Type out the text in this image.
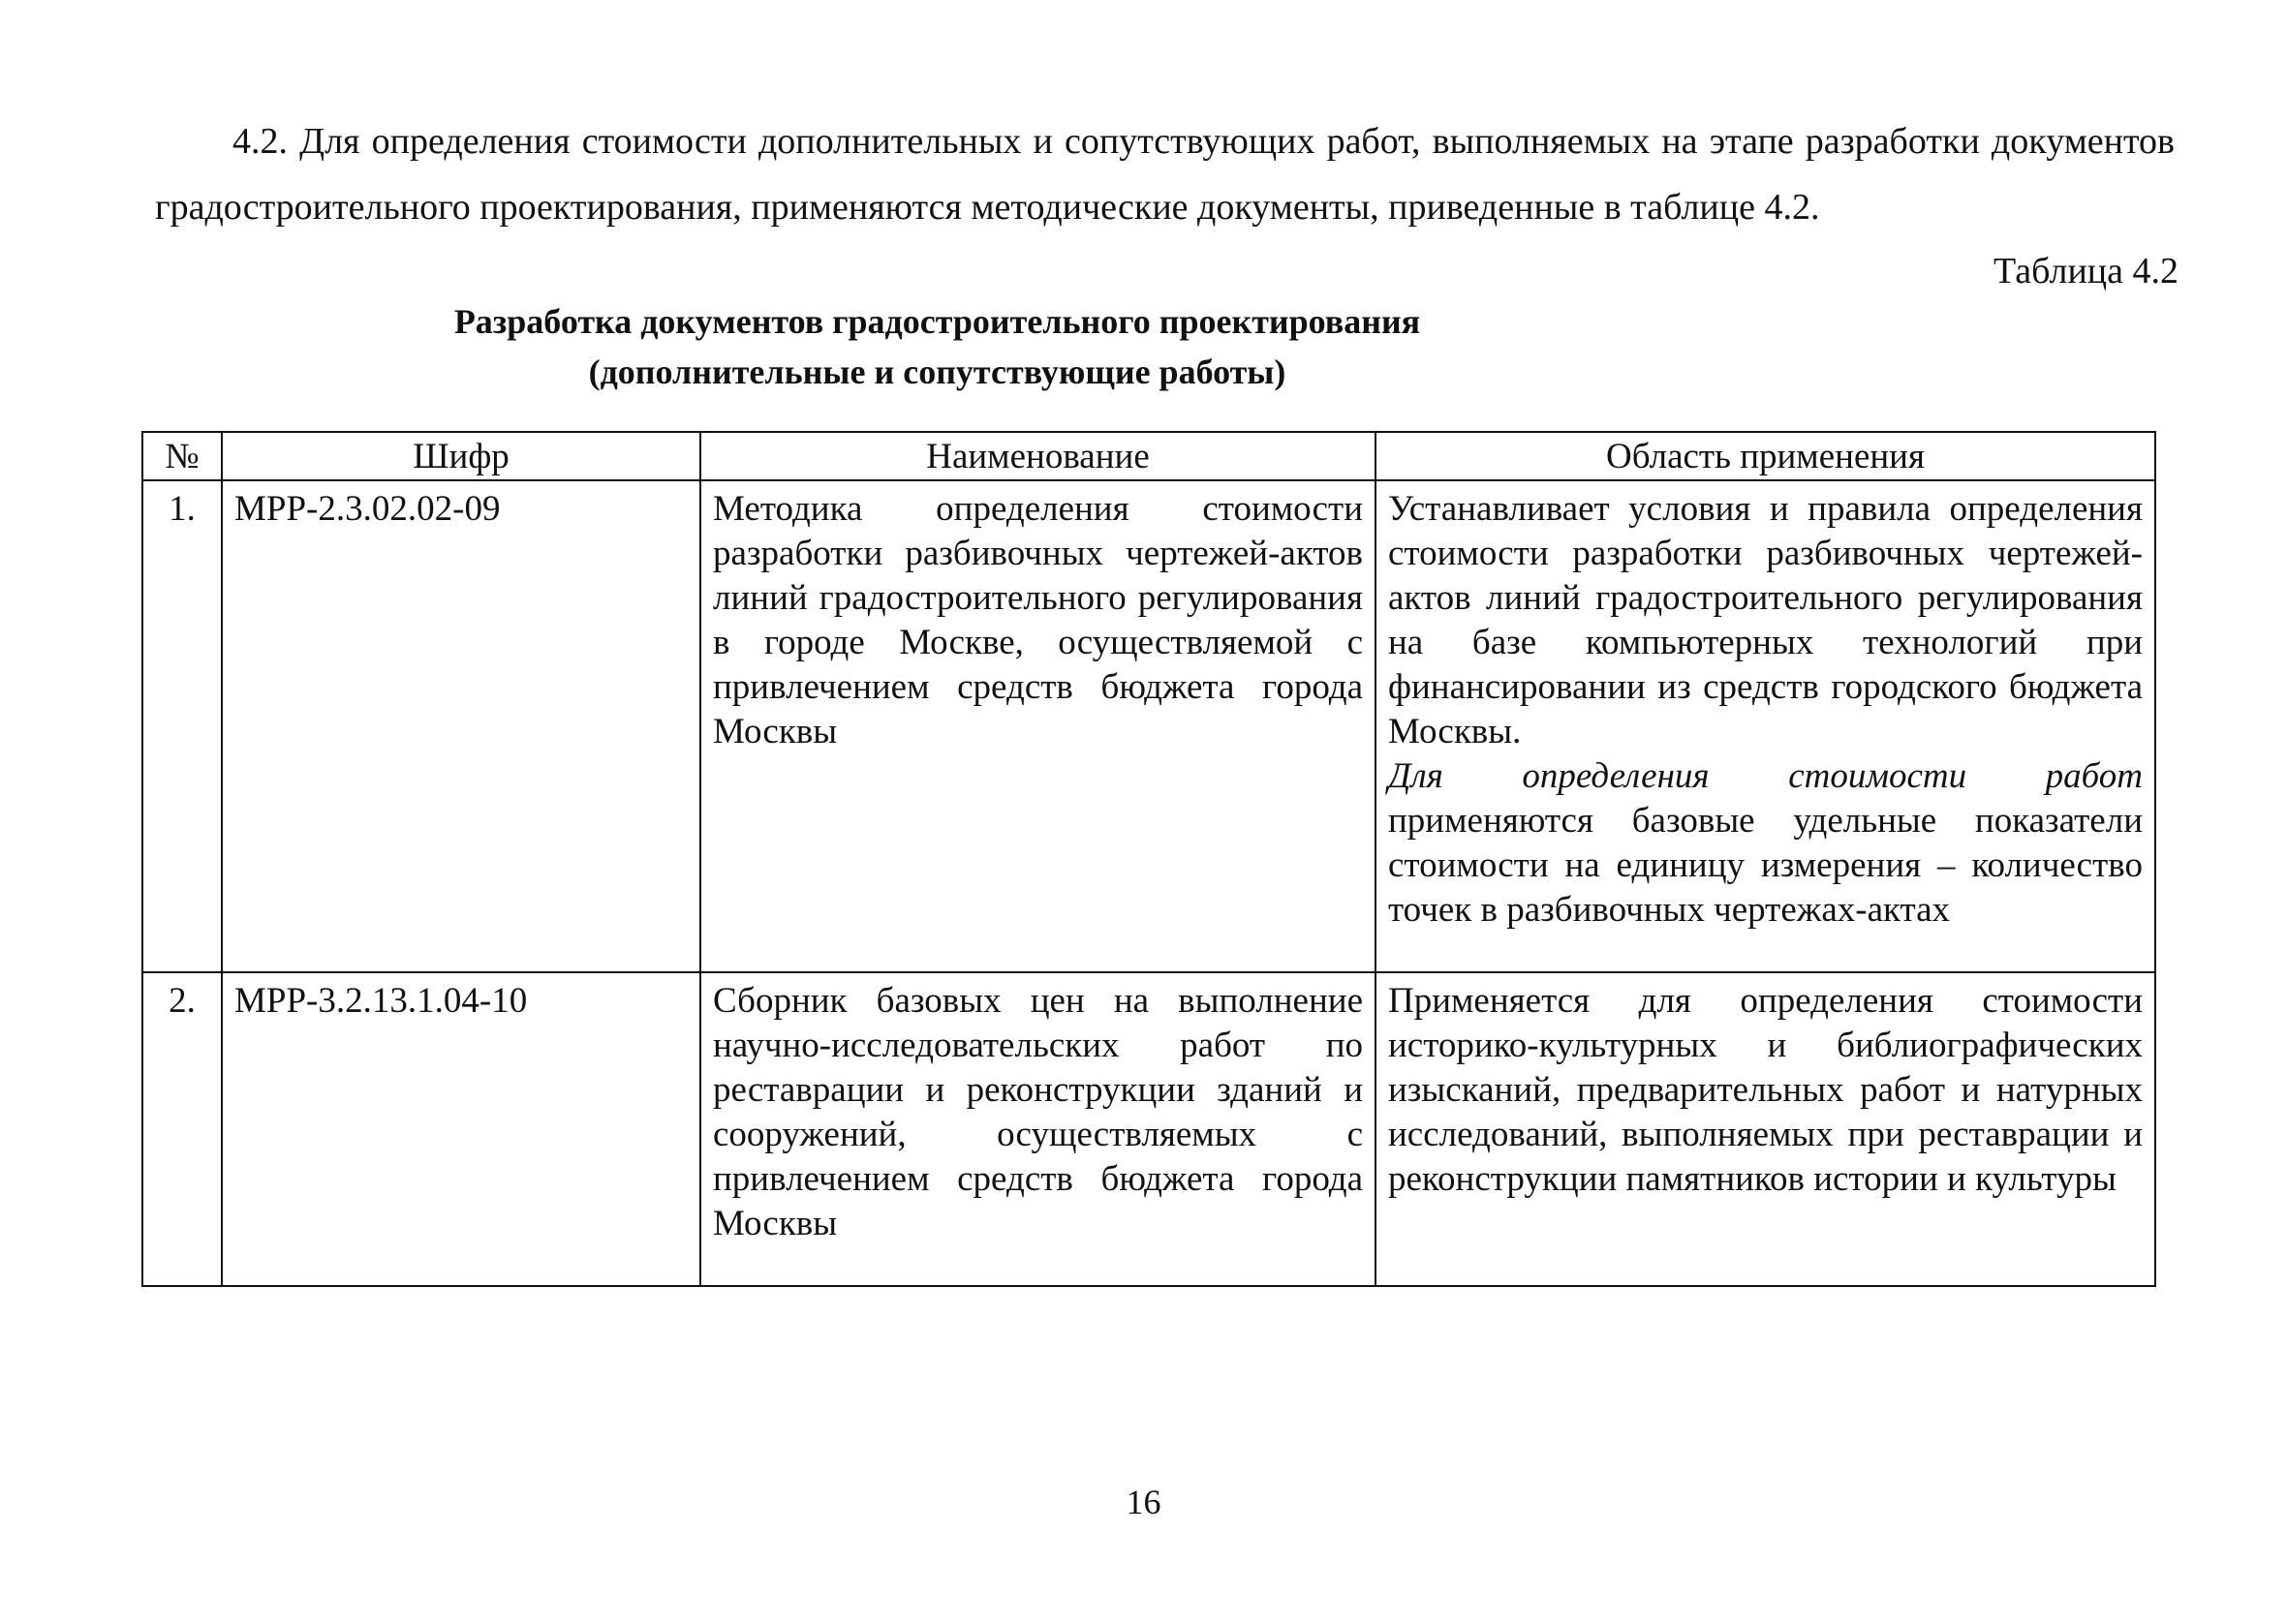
4.2. Для определения стоимости дополнительных и сопутствующих работ, выполняемых на этапе разработки документов градостроительного проектирования, применяются методические документы, приведенные в таблице 4.2.

Таблица 4.2

Разработка документов градостроительного проектирования

(дополнительные и сопутствующие работы)

№	Шифр	Наименование	Область применения
1.	МРР-2.3.02.02-09	Методика определения стоимости разработки разбивочных чертежей-актов линий градостроительного регулирования в городе Москве, осуществляемой с привлечением средств бюджета города Москвы	Устанавливает условия и правила определения стоимости разработки разбивочных чертежей-актов линий градостроительного регулирования на базе компьютерных технологий при финансировании из средств городского бюджета Москвы.
Для определения стоимости работ применяются базовые удельные показатели стоимости на единицу измерения – количество точек в разбивочных чертежах-актах
2.	МРР-3.2.13.1.04-10	Сборник базовых цен на выполнение научно-исследовательских работ по реставрации и реконструкции зданий и сооружений, осуществляемых с привлечением средств бюджета города Москвы	Применяется для определения стоимости историко-культурных и библиографических изысканий, предварительных работ и натурных исследований, выполняемых при реставрации и реконструкции памятников истории и культуры

16
